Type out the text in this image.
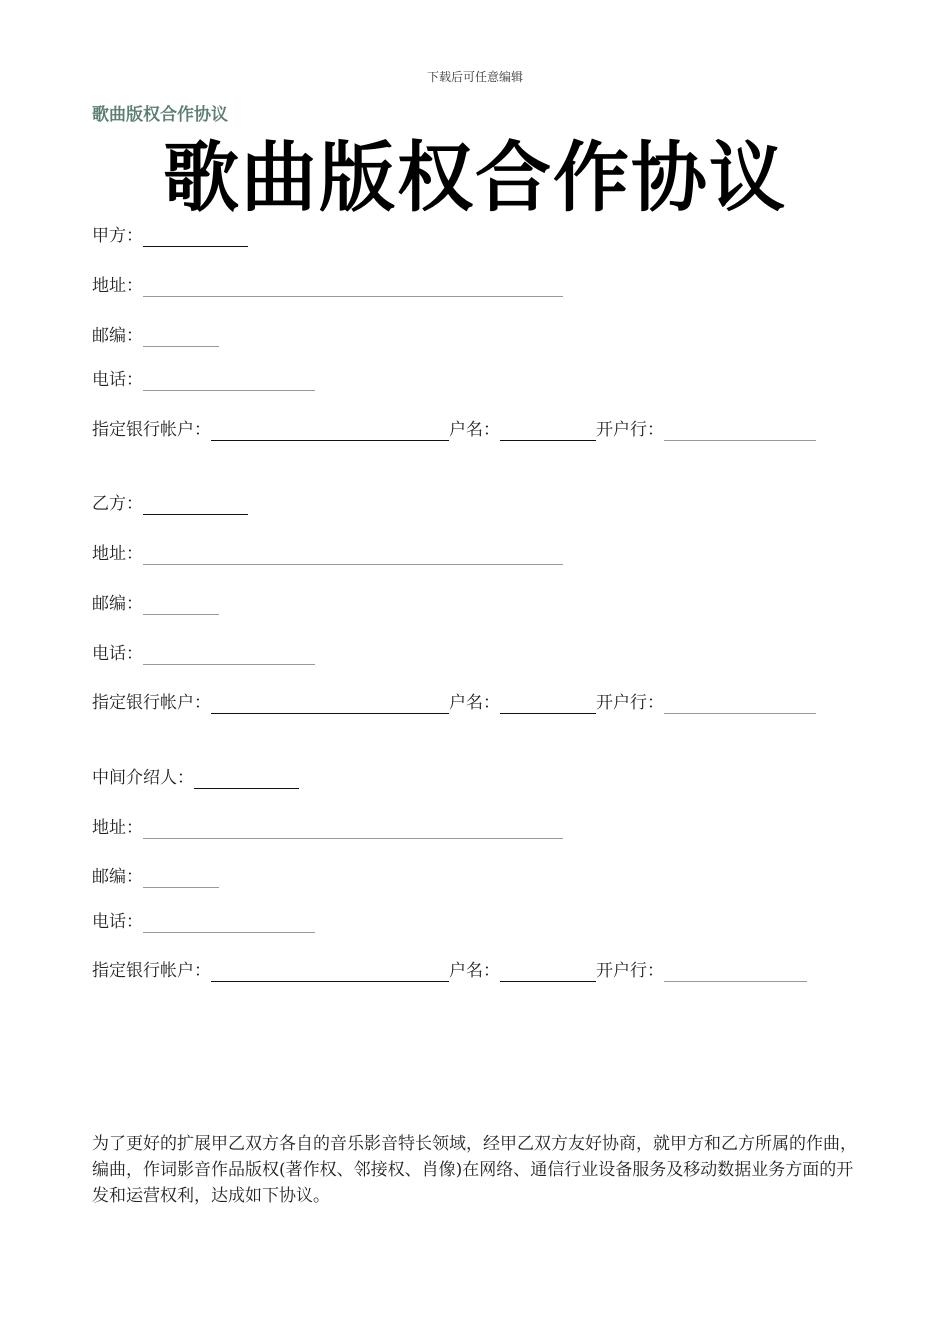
下载后可任意编辑
歌曲版权合作协议
歌曲版权合作协议
甲方：
地址：
邮编：
电话：
指定银行帐户：	户名：	开户行：
乙方：
地址：
邮编：
电话：
指定银行帐户：	户名：	开户行：
中间介绍人：
地址：
邮编：
电话：
指定银行帐户：	户名：	开户行：
为了更好的扩展甲乙双方各自的音乐影音特长领域，经甲乙双方友好协商，就甲方和乙方所属的作曲，编曲，作词影音作品版权(著作权、邻接权、肖像)在网络、通信行业设备服务及移动数据业务方面的开发和运营权利，达成如下协议。
